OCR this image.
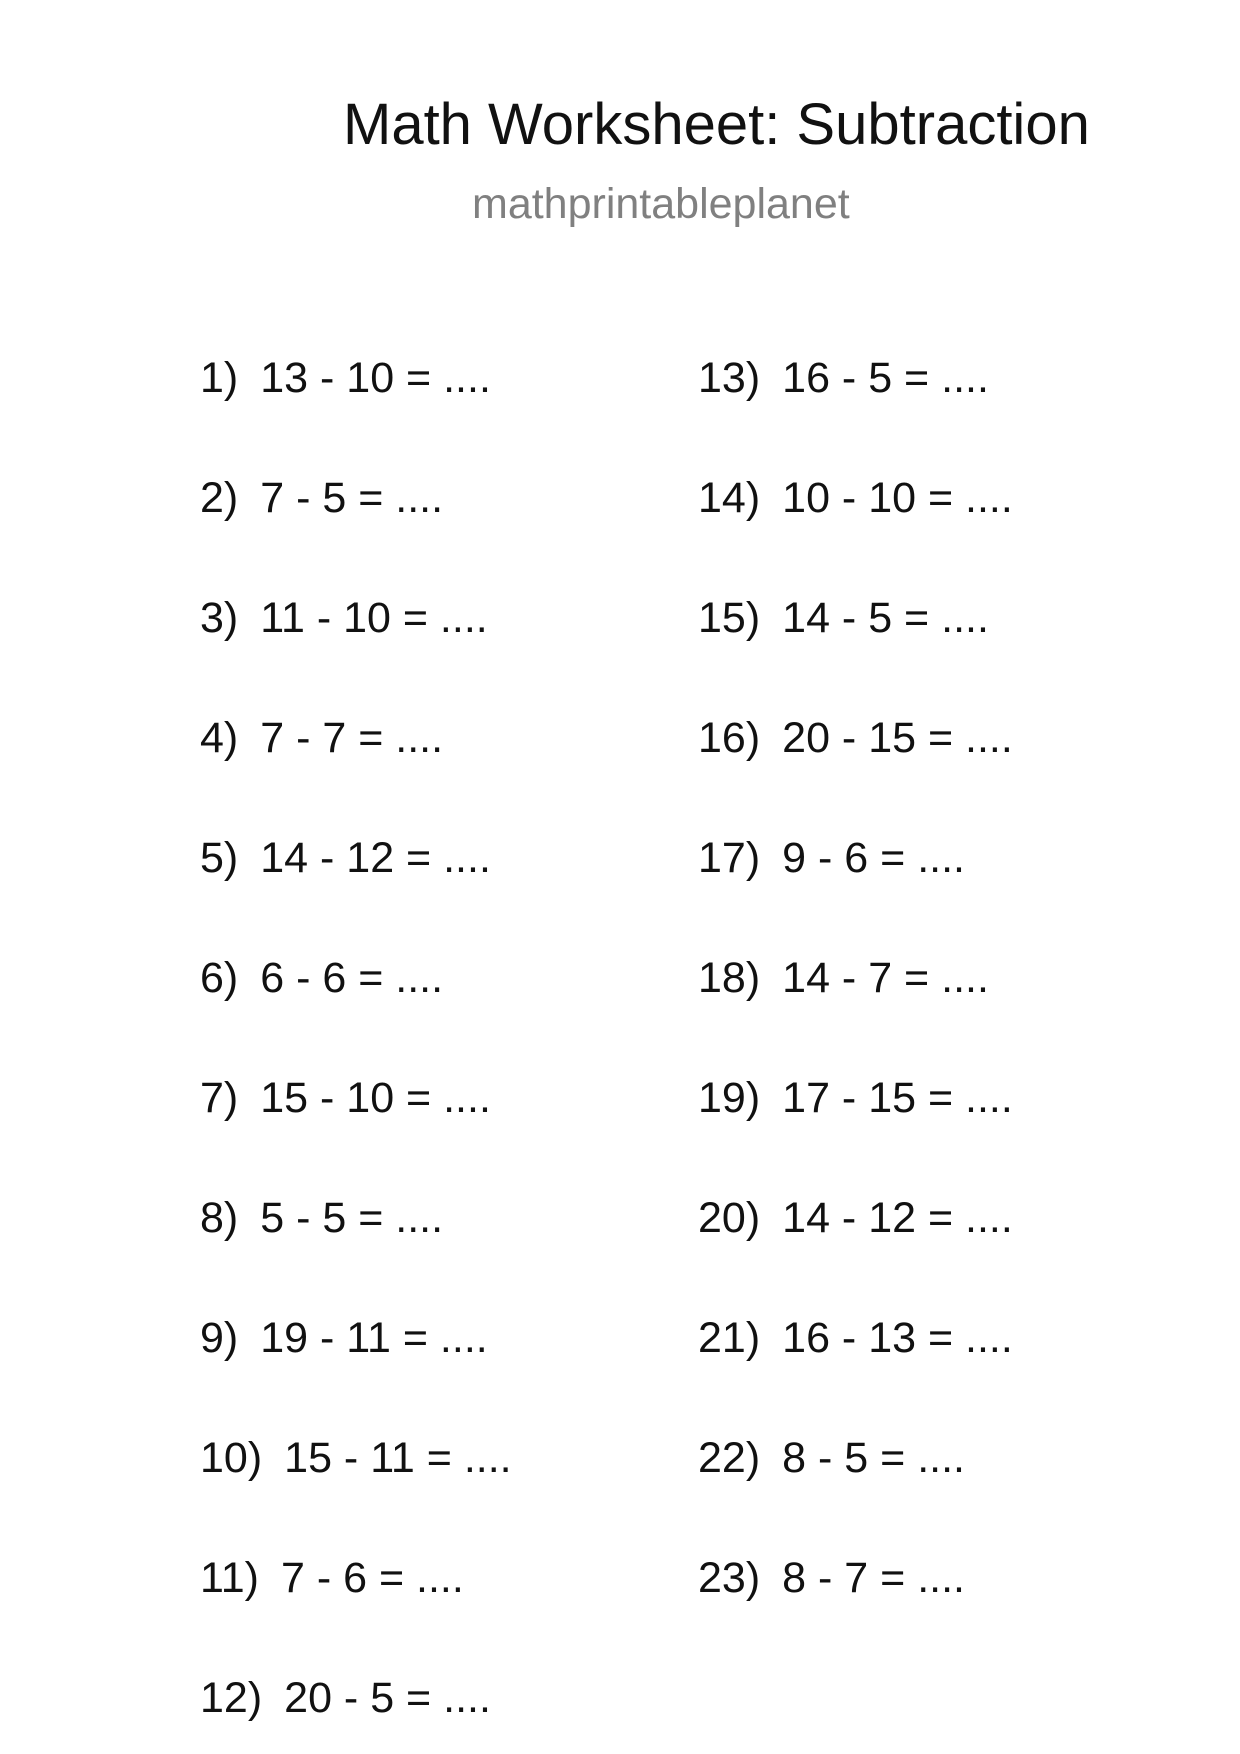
Math Worksheet: Subtraction
mathprintableplanet
1) 13 - 10 = ....
2) 7 - 5 = ....
3) 11 - 10 = ....
4) 7 - 7 = ....
5) 14 - 12 = ....
6) 6 - 6 = ....
7) 15 - 10 = ....
8) 5 - 5 = ....
9) 19 - 11 = ....
10) 15 - 11 = ....
11) 7 - 6 = ....
12) 20 - 5 = ....
13) 16 - 5 = ....
14) 10 - 10 = ....
15) 14 - 5 = ....
16) 20 - 15 = ....
17) 9 - 6 = ....
18) 14 - 7 = ....
19) 17 - 15 = ....
20) 14 - 12 = ....
21) 16 - 13 = ....
22) 8 - 5 = ....
23) 8 - 7 = ....
